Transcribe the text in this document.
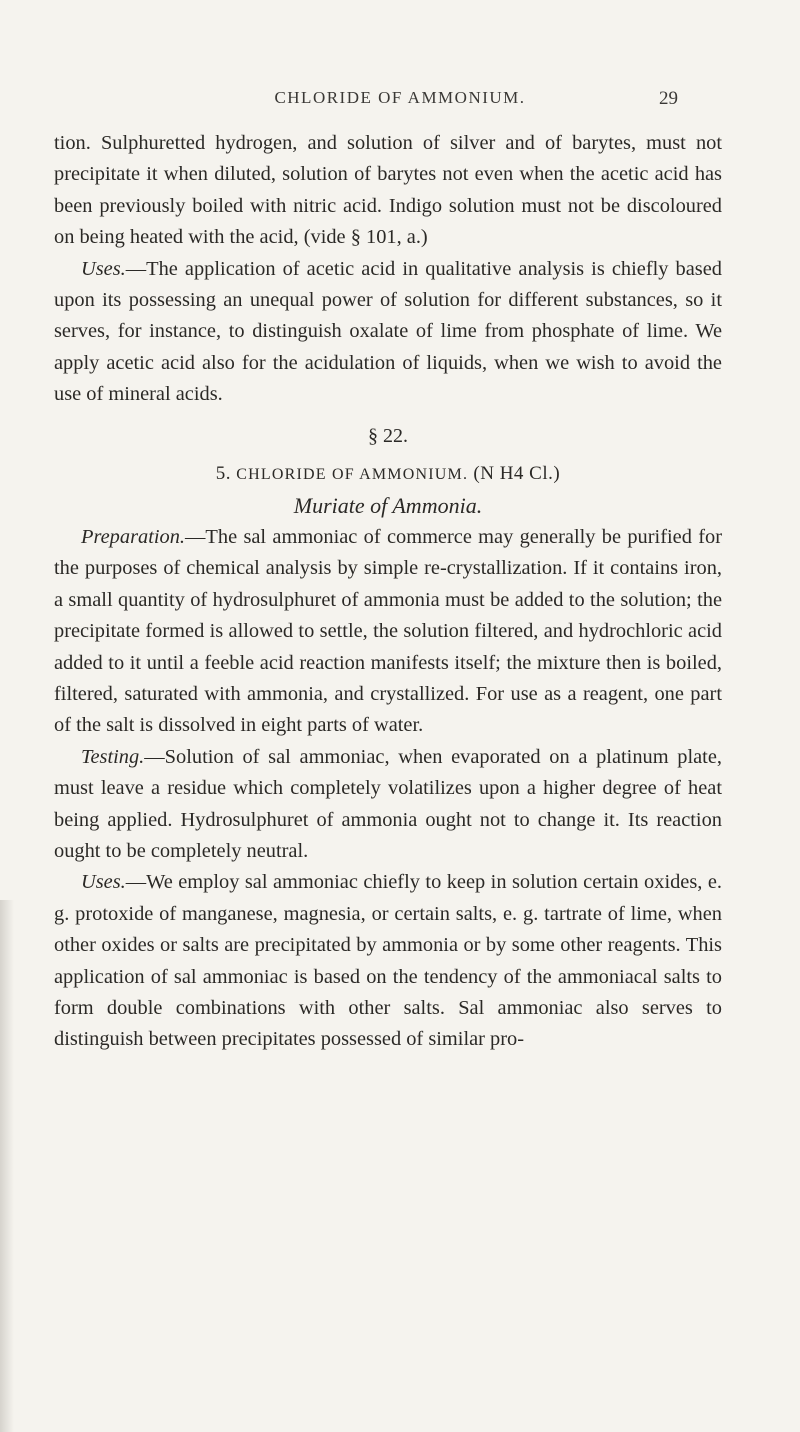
CHLORIDE OF AMMONIUM.	29

tion. Sulphuretted hydrogen, and solution of silver and of barytes, must not precipitate it when diluted, solution of barytes not even when the acetic acid has been previously boiled with nitric acid. Indigo solution must not be discoloured on being heated with the acid, (vide § 101, a.)

Uses.—The application of acetic acid in qualitative analysis is chiefly based upon its possessing an unequal power of solution for different substances, so it serves, for instance, to distinguish oxalate of lime from phosphate of lime. We apply acetic acid also for the acidulation of liquids, when we wish to avoid the use of mineral acids.

§ 22.

5. CHLORIDE OF AMMONIUM. (N H4 Cl.)

Muriate of Ammonia.

Preparation.—The sal ammoniac of commerce may generally be purified for the purposes of chemical analysis by simple re-crystallization. If it contains iron, a small quantity of hydrosulphuret of ammonia must be added to the solution; the precipitate formed is allowed to settle, the solution filtered, and hydrochloric acid added to it until a feeble acid reaction manifests itself; the mixture then is boiled, filtered, saturated with ammonia, and crystallized. For use as a reagent, one part of the salt is dissolved in eight parts of water.

Testing.—Solution of sal ammoniac, when evaporated on a platinum plate, must leave a residue which completely volatilizes upon a higher degree of heat being applied. Hydrosulphuret of ammonia ought not to change it. Its reaction ought to be completely neutral.

Uses.—We employ sal ammoniac chiefly to keep in solution certain oxides, e. g. protoxide of manganese, magnesia, or certain salts, e. g. tartrate of lime, when other oxides or salts are precipitated by ammonia or by some other reagents. This application of sal ammoniac is based on the tendency of the ammoniacal salts to form double combinations with other salts. Sal ammoniac also serves to distinguish between precipitates possessed of similar pro-
